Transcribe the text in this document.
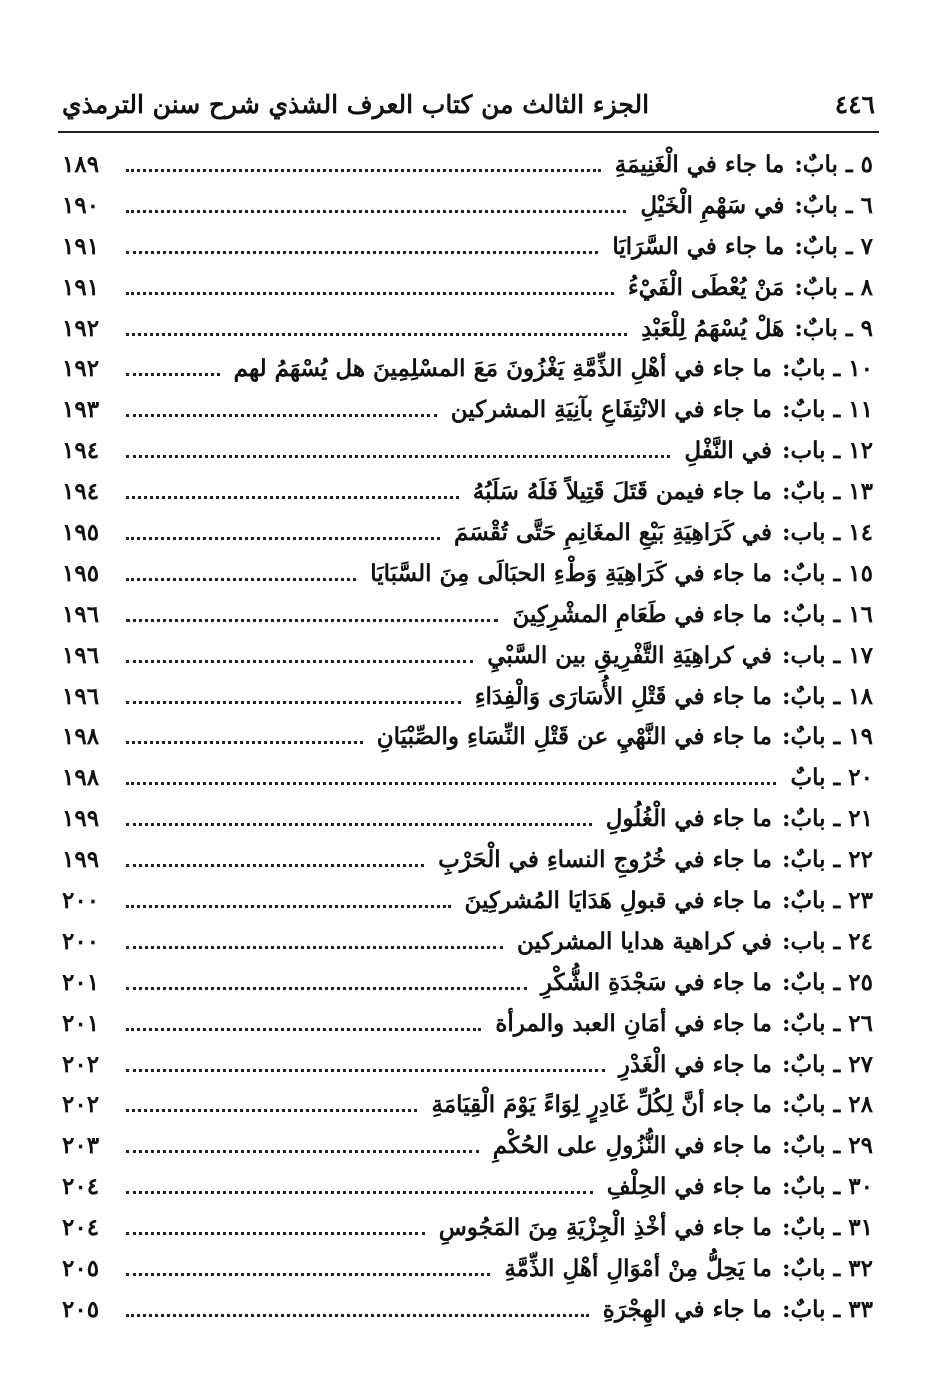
٤٤٦
الجزء الثالث من كتاب العرف الشذي شرح سنن الترمذي
٥
ـ
بابٌ:
ما جاء في الْغَنِيمَةِ
١٨٩
٦
ـ
بابٌ:
في سَهْمِ الْخَيْلِ
١٩٠
٧
ـ
بابٌ:
ما جاء في السَّرَايَا
١٩١
٨
ـ
بابٌ:
مَنْ يُعْطَى الْفَيْءُ
١٩١
٩
ـ
بابٌ:
هَلْ يُسْهَمُ لِلْعَبْدِ
١٩٢
١٠
ـ
بابٌ:
ما جاء في أهْلِ الذِّمَّةِ يَغْزُونَ مَعَ المسْلِمِينَ هل يُسْهَمُ لهم
١٩٢
١١
ـ
بابٌ:
ما جاء في الانْتِفَاعِ بآنِيَةِ المشركين
١٩٣
١٢
ـ
باب:
في النَّفْلِ
١٩٤
١٣
ـ
بابٌ:
ما جاء فيمن قَتَلَ قَتِيلاً فَلَهُ سَلَبُهُ
١٩٤
١٤
ـ
باب:
في كَرَاهِيَةِ بَيْعِ المغَانِمِ حَتَّى تُقْسَمَ
١٩٥
١٥
ـ
بابٌ:
ما جاء في كَرَاهِيَةِ وَطْءِ الحبَالَى مِنَ السَّبَايَا
١٩٥
١٦
ـ
بابٌ:
ما جاء في طَعَامِ المشْرِكِينَ
١٩٦
١٧
ـ
باب:
في كراهِيَةِ التَّفْرِيقِ بين السَّبْيِ
١٩٦
١٨
ـ
بابٌ:
ما جاء في قَتْلِ الأُسَارَى وَالْفِدَاءِ
١٩٦
١٩
ـ
بابٌ:
ما جاء في النَّهْيِ عن قَتْلِ النِّسَاءِ والصِّبْيَانِ
١٩٨
٢٠
ـ
بابٌ
١٩٨
٢١
ـ
بابٌ:
ما جاء في الْغُلُولِ
١٩٩
٢٢
ـ
بابٌ:
ما جاء في خُرُوجِ النساءِ في الْحَرْبِ
١٩٩
٢٣
ـ
بابٌ:
ما جاء في قبولِ هَدَايَا المُشركِينَ
٢٠٠
٢٤
ـ
باب:
في كراهية هدايا المشركين
٢٠٠
٢٥
ـ
بابٌ:
ما جاء في سَجْدَةِ الشُّكْرِ
٢٠١
٢٦
ـ
بابٌ:
ما جاء في أمَانِ العبد والمرأة
٢٠١
٢٧
ـ
بابٌ:
ما جاء في الْغَدْرِ
٢٠٢
٢٨
ـ
بابٌ:
ما جاء أنَّ لِكُلِّ غَادِرٍ لِوَاءً يَوْمَ الْقِيَامَةِ
٢٠٢
٢٩
ـ
بابٌ:
ما جاء في النُّزُولِ على الحُكْمِ
٢٠٣
٣٠
ـ
بابٌ:
ما جاء في الحِلْفِ
٢٠٤
٣١
ـ
بابٌ:
ما جاء في أخْذِ الْجِزْيَةِ مِنَ المَجُوسِ
٢٠٤
٣٢
ـ
بابٌ:
ما يَحِلُّ مِنْ أمْوَالِ أهْلِ الذِّمَّةِ
٢٠٥
٣٣
ـ
بابٌ:
ما جاء في الهِجْرَةِ
٢٠٥
